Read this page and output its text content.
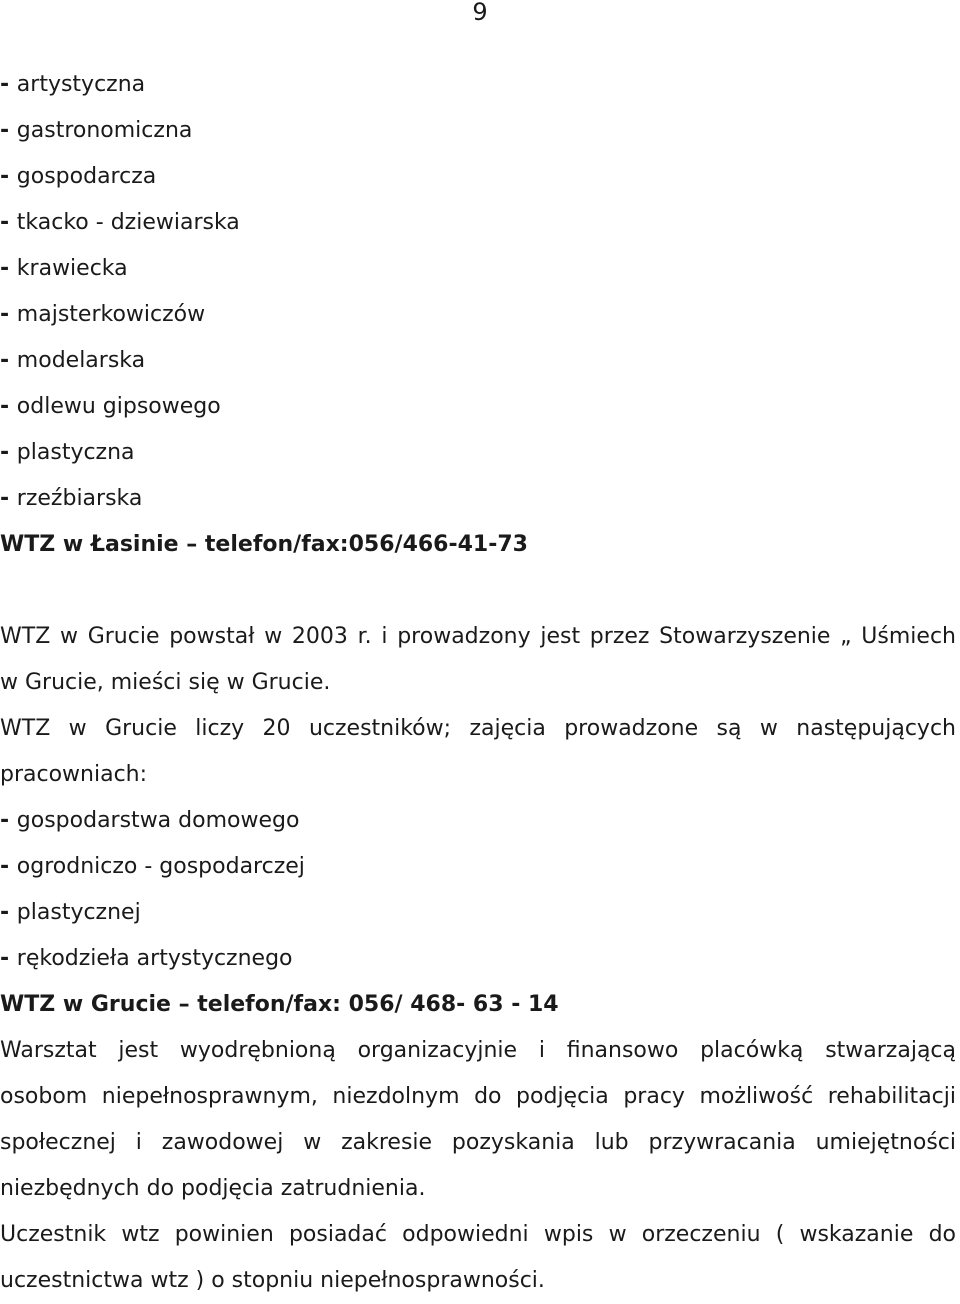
9

- artystyczna

- gastronomiczna

- gospodarcza

- tkacko - dziewiarska

- krawiecka

- majsterkowiczów

- modelarska

- odlewu gipsowego

- plastyczna

- rzeźbiarska

WTZ w Łasinie – telefon/fax:056/466-41-73

WTZ w Grucie powstał w 2003 r. i prowadzony jest przez Stowarzyszenie „ Uśmiech

w Grucie, mieści się w Grucie.

WTZ w Grucie liczy 20 uczestników; zajęcia prowadzone są w następujących

pracowniach:

- gospodarstwa domowego

- ogrodniczo - gospodarczej

- plastycznej

- rękodzieła artystycznego

WTZ w Grucie – telefon/fax: 056/ 468- 63 - 14

Warsztat jest wyodrębnioną organizacyjnie i finansowo placówką stwarzającą

osobom niepełnosprawnym, niezdolnym do podjęcia pracy możliwość rehabilitacji

społecznej i zawodowej w zakresie pozyskania lub przywracania umiejętności

niezbędnych do podjęcia zatrudnienia.

Uczestnik wtz powinien posiadać odpowiedni wpis w orzeczeniu ( wskazanie do

uczestnictwa wtz ) o stopniu niepełnosprawności.
